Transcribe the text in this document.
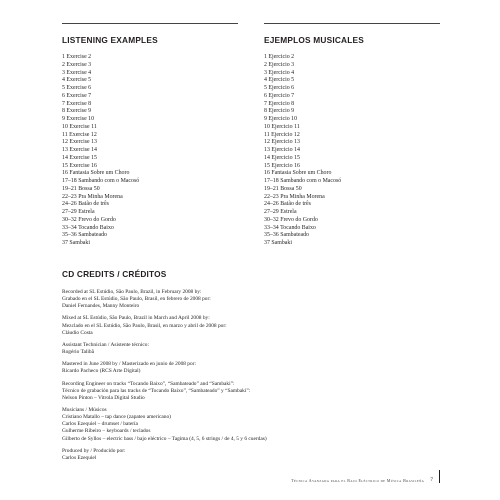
LISTENING EXAMPLES
1 Exercise 2
2 Exercise 3
3 Exercise 4
4 Exercise 5
5 Exercise 6
6 Exercise 7
7 Exercise 8
8 Exercise 9
9 Exercise 10
10 Exercise 11
11 Exercise 12
12 Exercise 13
13 Exercise 14
14 Exercise 15
15 Exercise 16
16 Fantasia Sobre um Choro
17–18 Sambando com o Macosó
19–21 Bossa 50
22–23 Pra Minha Morena
24–26 Baião de três
27–29 Estrela
30–32 Frevo do Gordo
33–34 Tocando Baixo
35–36 Sambateado
37 Sambaki
EJEMPLOS MUSICALES
1 Ejercicio 2
2 Ejercicio 3
3 Ejercicio 4
4 Ejercicio 5
5 Ejercicio 6
6 Ejercicio 7
7 Ejercicio 8
8 Ejercicio 9
9 Ejercicio 10
10 Ejercicio 11
11 Ejercicio 12
12 Ejercicio 13
13 Ejercicio 14
14 Ejercicio 15
15 Ejercicio 16
16 Fantasia Sobre um Choro
17–18 Sambando com o Macosó
19–21 Bossa 50
22–23 Pra Minha Morena
24–26 Baião de três
27–29 Estrela
30–32 Frevo do Gordo
33–34 Tocando Baixo
35–36 Sambateado
37 Sambaki
CD CREDITS / CRÉDITOS
Recorded at SL Estúdio, São Paulo, Brazil, in February 2008 by:
Grabado en el SL Estúdio, São Paulo, Brasil, en febrero de 2008 por:
Daniel Fernandes, Manny Monteiro
Mixed at SL Estúdio, São Paulo, Brazil in March and April 2008 by:
Mezclado en el SL Estúdio, São Paulo, Brasil, en marzo y abril de 2008 por:
Cláudio Costa
Assistant Technician / Asistente técnico:
Rogério Talibã
Mastered in June 2008 by / Masterizado en junio de 2008 por:
Ricardo Pacheco (RCS Arte Digital)
Recording Engineer on tracks “Tocando Baixo”, “Sambateado” and “Sambaki”:
Técnico de grabación para las tracks de “Tocando Baixo”, “Sambateado” y “Sambaki”:
Nelson Pinton – Vitrola Digital Studio
Musicians / Músicos
Cristiano Matallo – tap dance (zapateo americano)
Carlos Ezequiel – drumset / batería
Gulherme Ribeiro – keyboards / teclados
Gilberto de Syllos – electric bass / bajo eléctrico – Tagima (4, 5, 6 strings / de 4, 5 y 6 cuerdas)
Produced by / Producido por:
Carlos Ezequiel
Técnica Avanzada para el Bajo Eléctrico de Música Brasileña 7
